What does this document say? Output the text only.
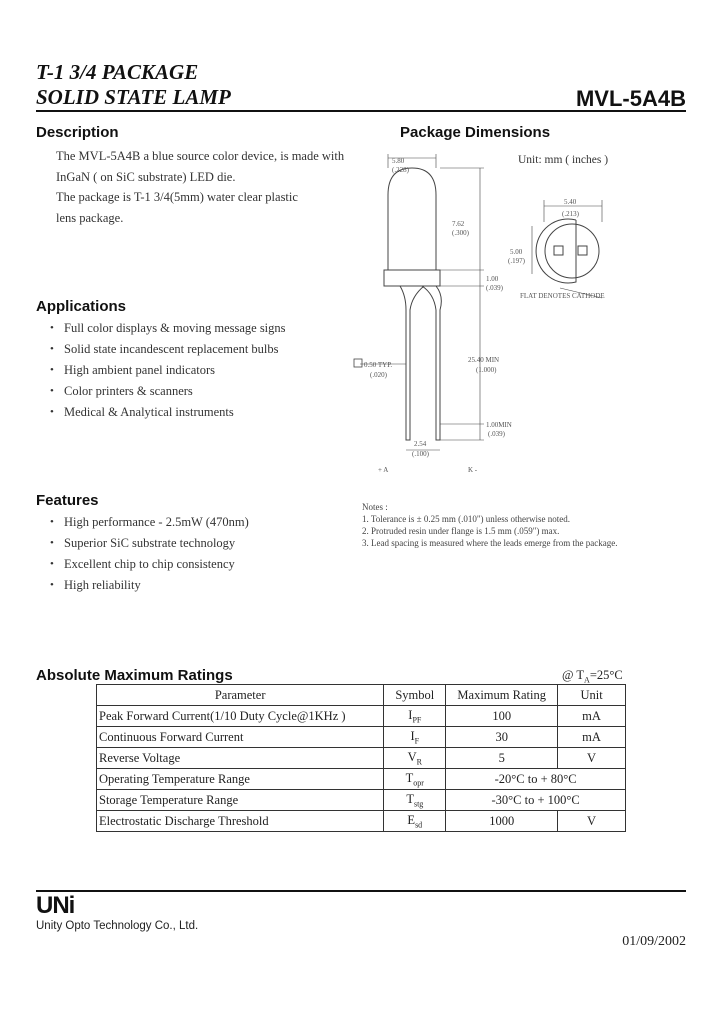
T-1 3/4 PACKAGE
SOLID STATE LAMP	MVL-5A4B
Description
The MVL-5A4B a blue source color device, is made with
InGaN ( on SiC substrate) LED die.
The package is T-1 3/4(5mm) water clear plastic
lens package.
Package Dimensions
Unit: mm ( inches )
5.80
(.228)
7.62
(.300)
1.00
(.039)
25.40 MIN
(1.000)
1.00MIN
(.039)
2.54
(.100)
0.50 TYP.
(.020)
+ A	K -
5.40
(.213)
5.00
(.197)
FLAT DENOTES CATHODE
Applications
• Full color displays & moving message signs
• Solid state incandescent replacement bulbs
• High ambient panel indicators
• Color printers & scanners
• Medical & Analytical instruments
Features
• High performance - 2.5mW (470nm)
• Superior SiC substrate technology
• Excellent chip to chip consistency
• High reliability
Notes :
1. Tolerance is ± 0.25 mm (.010") unless otherwise noted.
2. Protruded resin under flange is 1.5 mm (.059") max.
3. Lead spacing is measured where the leads emerge from the package.
Absolute Maximum Ratings	@ $T_A=25^\circ C$
Parameter	Symbol	Maximum Rating	Unit
Peak Forward Current(1/10 Duty Cycle@1KHz )	$I_{PF}$	100	mA
Continuous Forward Current	$I_F$	30	mA
Reverse Voltage	$V_R$	5	V
Operating Temperature Range	$T_{opr}$	-20°C to + 80°C	
Storage Temperature Range	$T_{stg}$	-30°C to + 100°C	
Electrostatic Discharge Threshold	$E_{sd}$	1000	V
UNi
Unity Opto Technology Co., Ltd.
01/09/2002
